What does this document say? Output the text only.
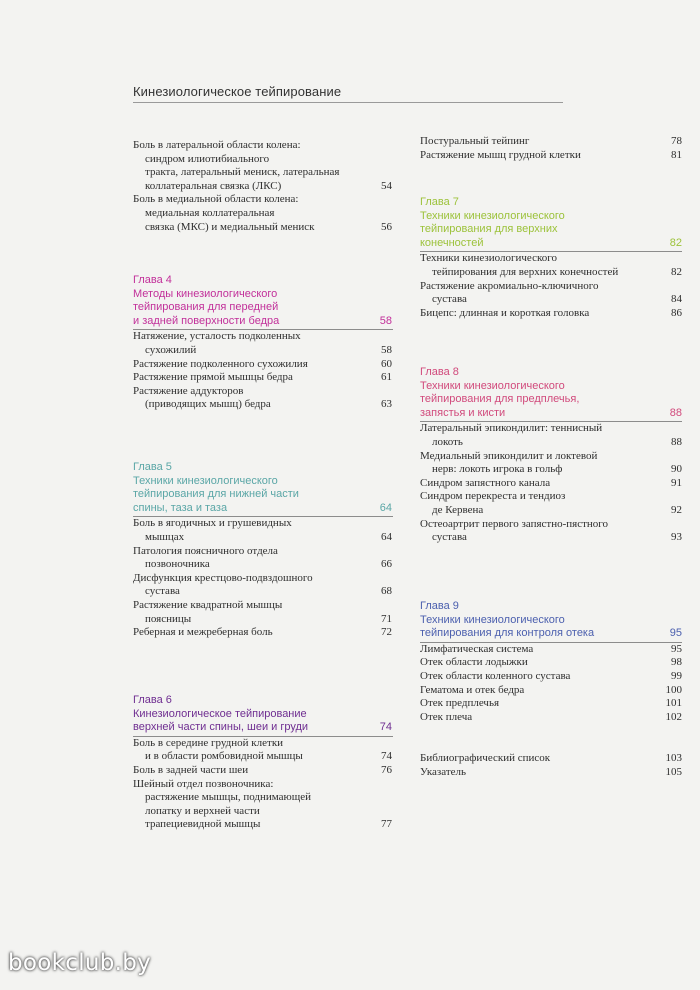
Кинезиологическое тейпирование
Боль в латеральной области колена:
синдром илиотибиального
тракта, латеральный мениск, латеральная
коллатеральная связка (ЛКС)	54
Боль в медиальной области колена:
медиальная коллатеральная
связка (МКС) и медиальный мениск	56
Глава 4
Методы кинезиологического
тейпирования для передней
и задней поверхности бедра	58
Натяжение, усталость подколенных
сухожилий	58
Растяжение подколенного сухожилия	60
Растяжение прямой мышцы бедра	61
Растяжение аддукторов
(приводящих мышц) бедра	63
Глава 5
Техники кинезиологического
тейпирования для нижней части
спины, таза и таза	64
Боль в ягодичных и грушевидных
мышцах	64
Патология поясничного отдела
позвоночника	66
Дисфункция крестцово-подвздошного
сустава	68
Растяжение квадратной мышцы
поясницы	71
Реберная и межреберная боль	72
Глава 6
Кинезиологическое тейпирование
верхней части спины, шеи и груди	74
Боль в середине грудной клетки
и в области ромбовидной мышцы	74
Боль в задней части шеи	76
Шейный отдел позвоночника:
растяжение мышцы, поднимающей
лопатку и верхней части
трапециевидной мышцы	77
Постуральный тейпинг	78
Растяжение мышц грудной клетки	81
Глава 7
Техники кинезиологического
тейпирования для верхних
конечностей	82
Техники кинезиологического
тейпирования для верхних конечностей	82
Растяжение акромиально-ключичного
сустава	84
Бицепс: длинная и короткая головка	86
Глава 8
Техники кинезиологического
тейпирования для предплечья,
запястья и кисти	88
Латеральный эпикондилит: теннисный
локоть	88
Медиальный эпикондилит и локтевой
нерв: локоть игрока в гольф	90
Синдром запястного канала	91
Синдром перекреста и тендиоз
де Кервена	92
Остеоартрит первого запястно-пястного
сустава	93
Глава 9
Техники кинезиологического
тейпирования для контроля отека	95
Лимфатическая система	95
Отек области лодыжки	98
Отек области коленного сустава	99
Гематома и отек бедра	100
Отек предплечья	101
Отек плеча	102
Библиографический список	103
Указатель	105
bookclub.by
